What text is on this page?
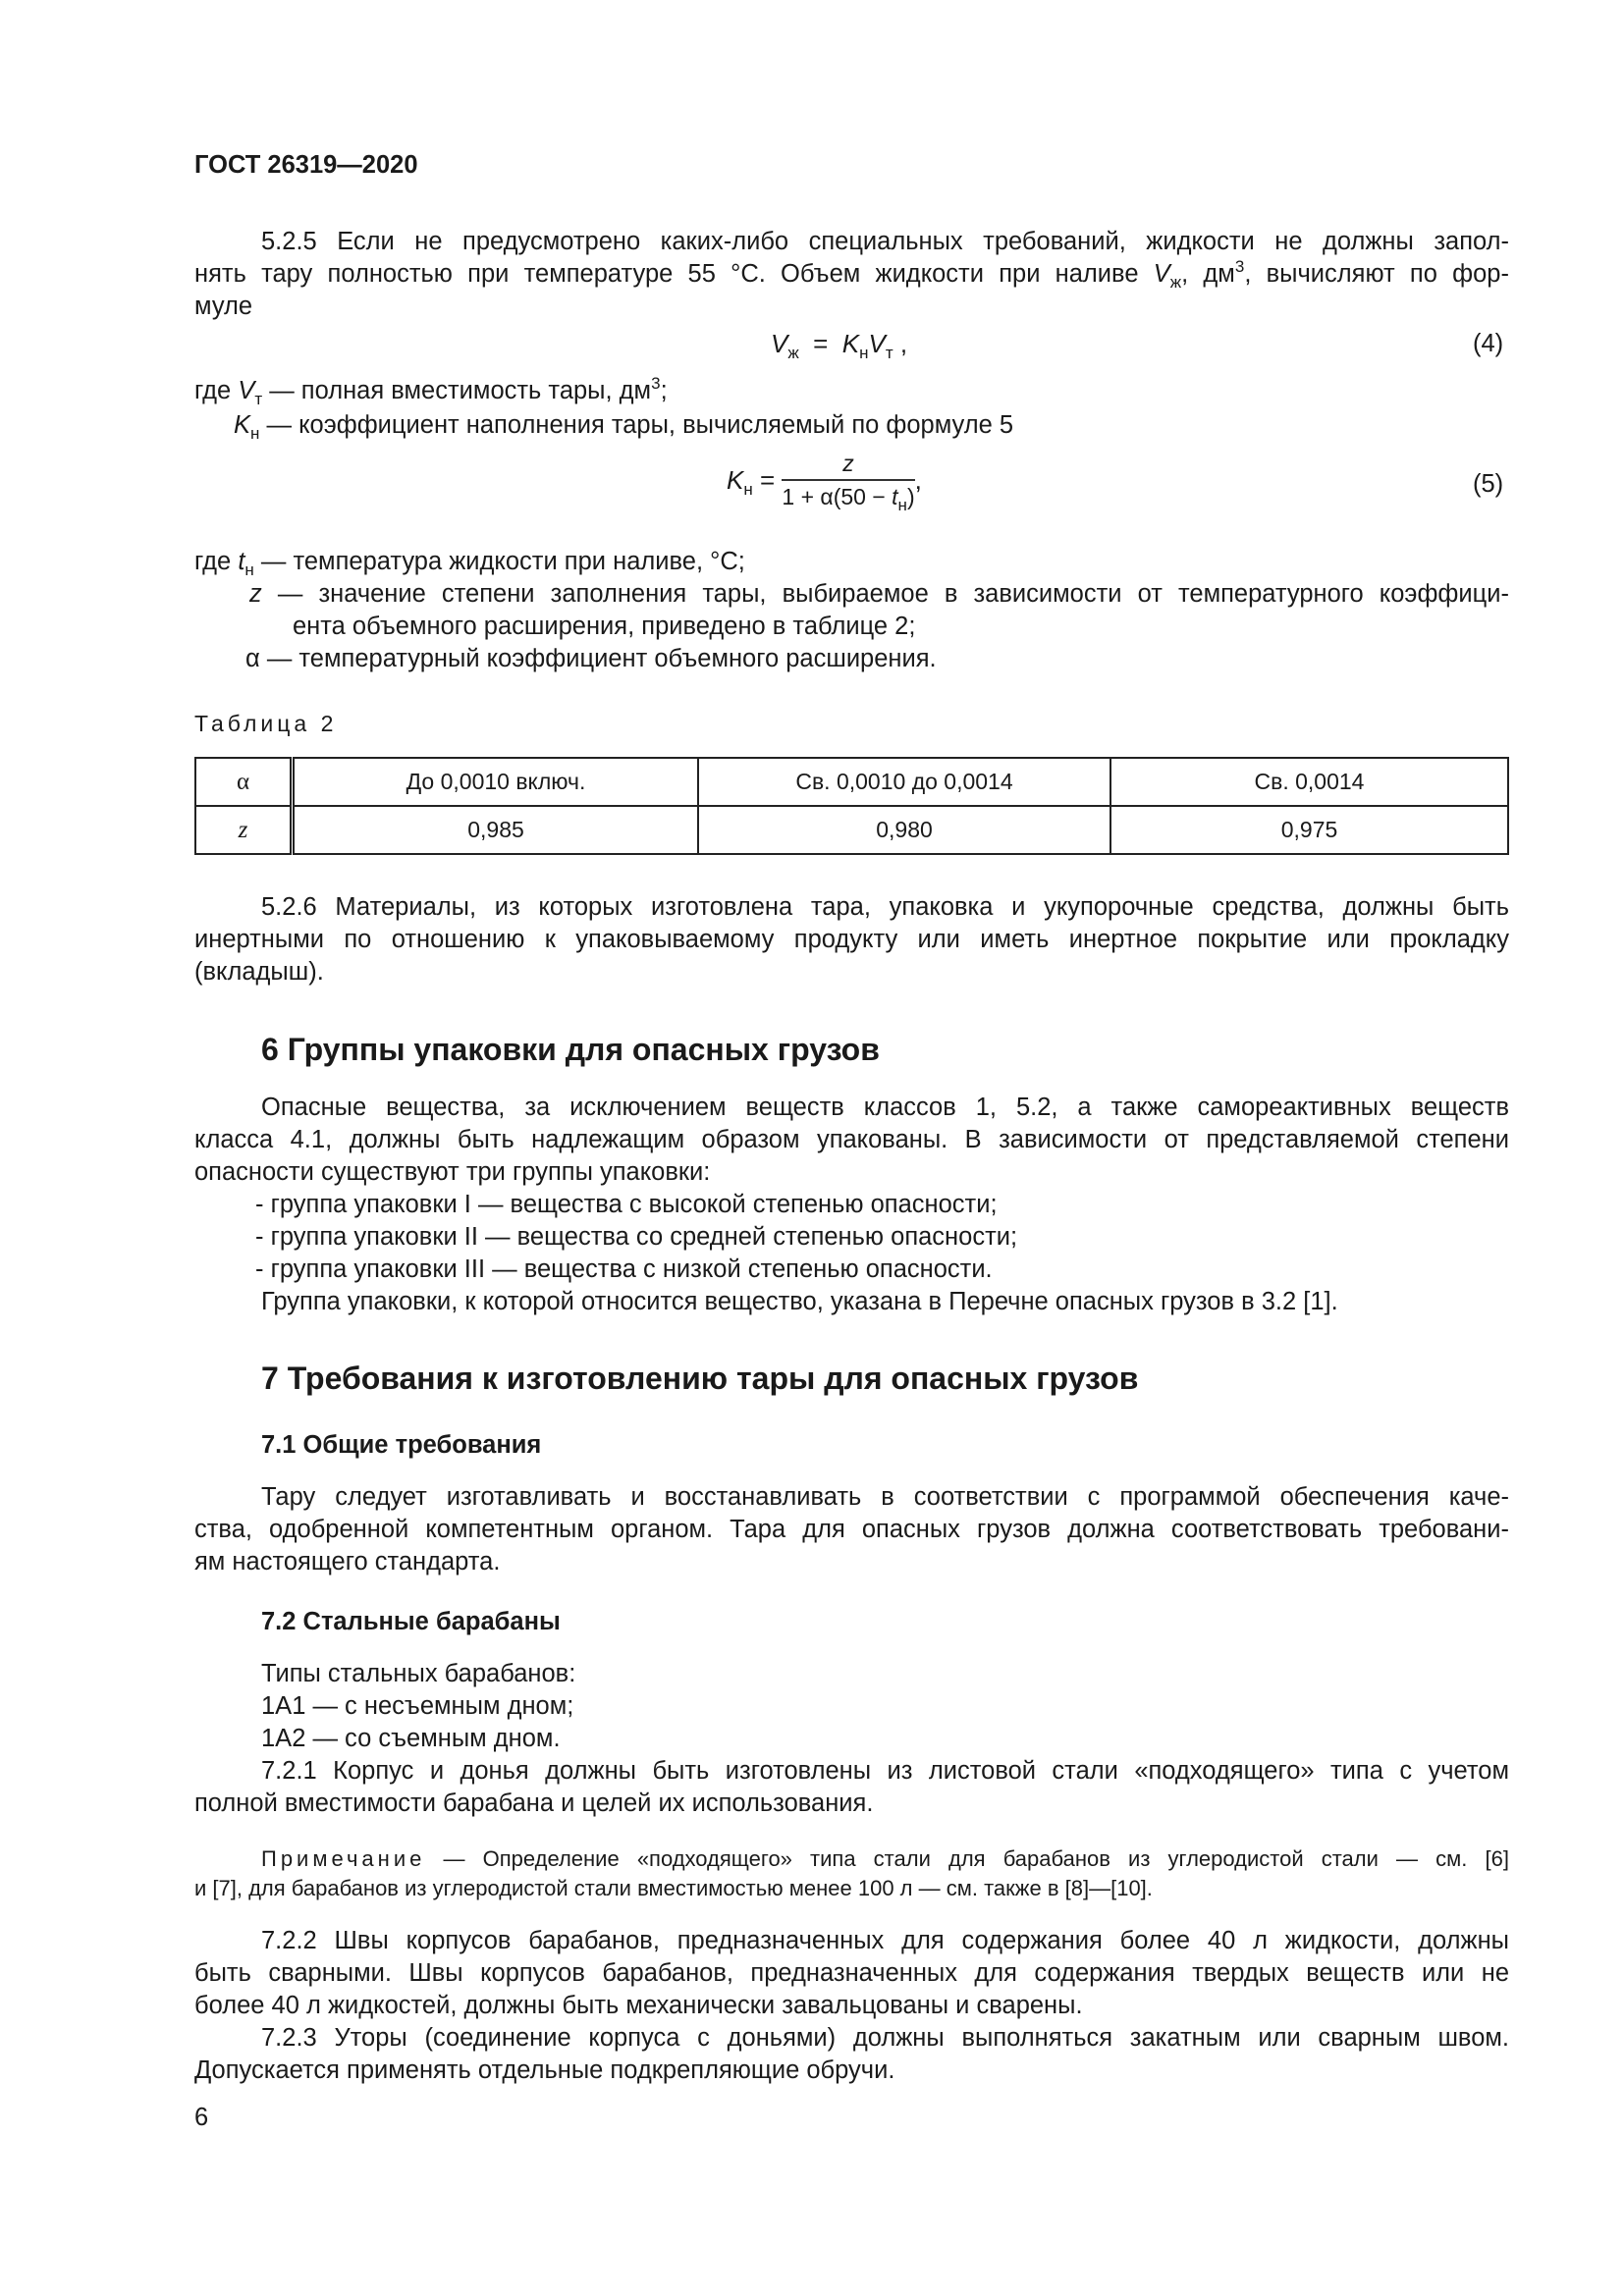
ГОСТ 26319—2020
5.2.5 Если не предусмотрено каких-либо специальных требований, жидкости не должны запол-
нять тару полностью при температуре 55 °С. Объем жидкости при наливе $V_ж$, $дм^3$, вычисляют по фор-
муле
$V_ж = K_нV_т$ ,	(4)
где $V_т$ — полная вместимость тары, $дм^3$;
$K_н$ — коэффициент наполнения тары, вычисляемый по формуле 5
$K_н = \frac{z}{1 + \alpha(50 - t_н)}$ ,	(5)
где $t_н$ — температура жидкости при наливе, °С;
z — значение степени заполнения тары, выбираемое в зависимости от температурного коэффици-
ента объемного расширения, приведено в таблице 2;
α — температурный коэффициент объемного расширения.
Таблица 2
α	До 0,0010 включ.	Св. 0,0010 до 0,0014	Св. 0,0014
z	0,985	0,980	0,975
5.2.6 Материалы, из которых изготовлена тара, упаковка и укупорочные средства, должны быть
инертными по отношению к упаковываемому продукту или иметь инертное покрытие или прокладку
(вкладыш).
6 Группы упаковки для опасных грузов
Опасные вещества, за исключением веществ классов 1, 5.2, а также самореактивных веществ
класса 4.1, должны быть надлежащим образом упакованы. В зависимости от представляемой степени
опасности существуют три группы упаковки:
- группа упаковки I — вещества с высокой степенью опасности;
- группа упаковки II — вещества со средней степенью опасности;
- группа упаковки III — вещества с низкой степенью опасности.
Группа упаковки, к которой относится вещество, указана в Перечне опасных грузов в 3.2 [1].
7 Требования к изготовлению тары для опасных грузов
7.1 Общие требования
Тару следует изготавливать и восстанавливать в соответствии с программой обеспечения каче-
ства, одобренной компетентным органом. Тара для опасных грузов должна соответствовать требовани-
ям настоящего стандарта.
7.2 Стальные барабаны
Типы стальных барабанов:
1А1 — с несъемным дном;
1А2 — со съемным дном.
7.2.1 Корпус и донья должны быть изготовлены из листовой стали «подходящего» типа с учетом
полной вместимости барабана и целей их использования.
Примечание — Определение «подходящего» типа стали для барабанов из углеродистой стали — см. [6]
и [7], для барабанов из углеродистой стали вместимостью менее 100 л — см. также в [8]—[10].
7.2.2 Швы корпусов барабанов, предназначенных для содержания более 40 л жидкости, должны
быть сварными. Швы корпусов барабанов, предназначенных для содержания твердых веществ или не
более 40 л жидкостей, должны быть механически завальцованы и сварены.
7.2.3 Уторы (соединение корпуса с доньями) должны выполняться закатным или сварным швом.
Допускается применять отдельные подкрепляющие обручи.
6
